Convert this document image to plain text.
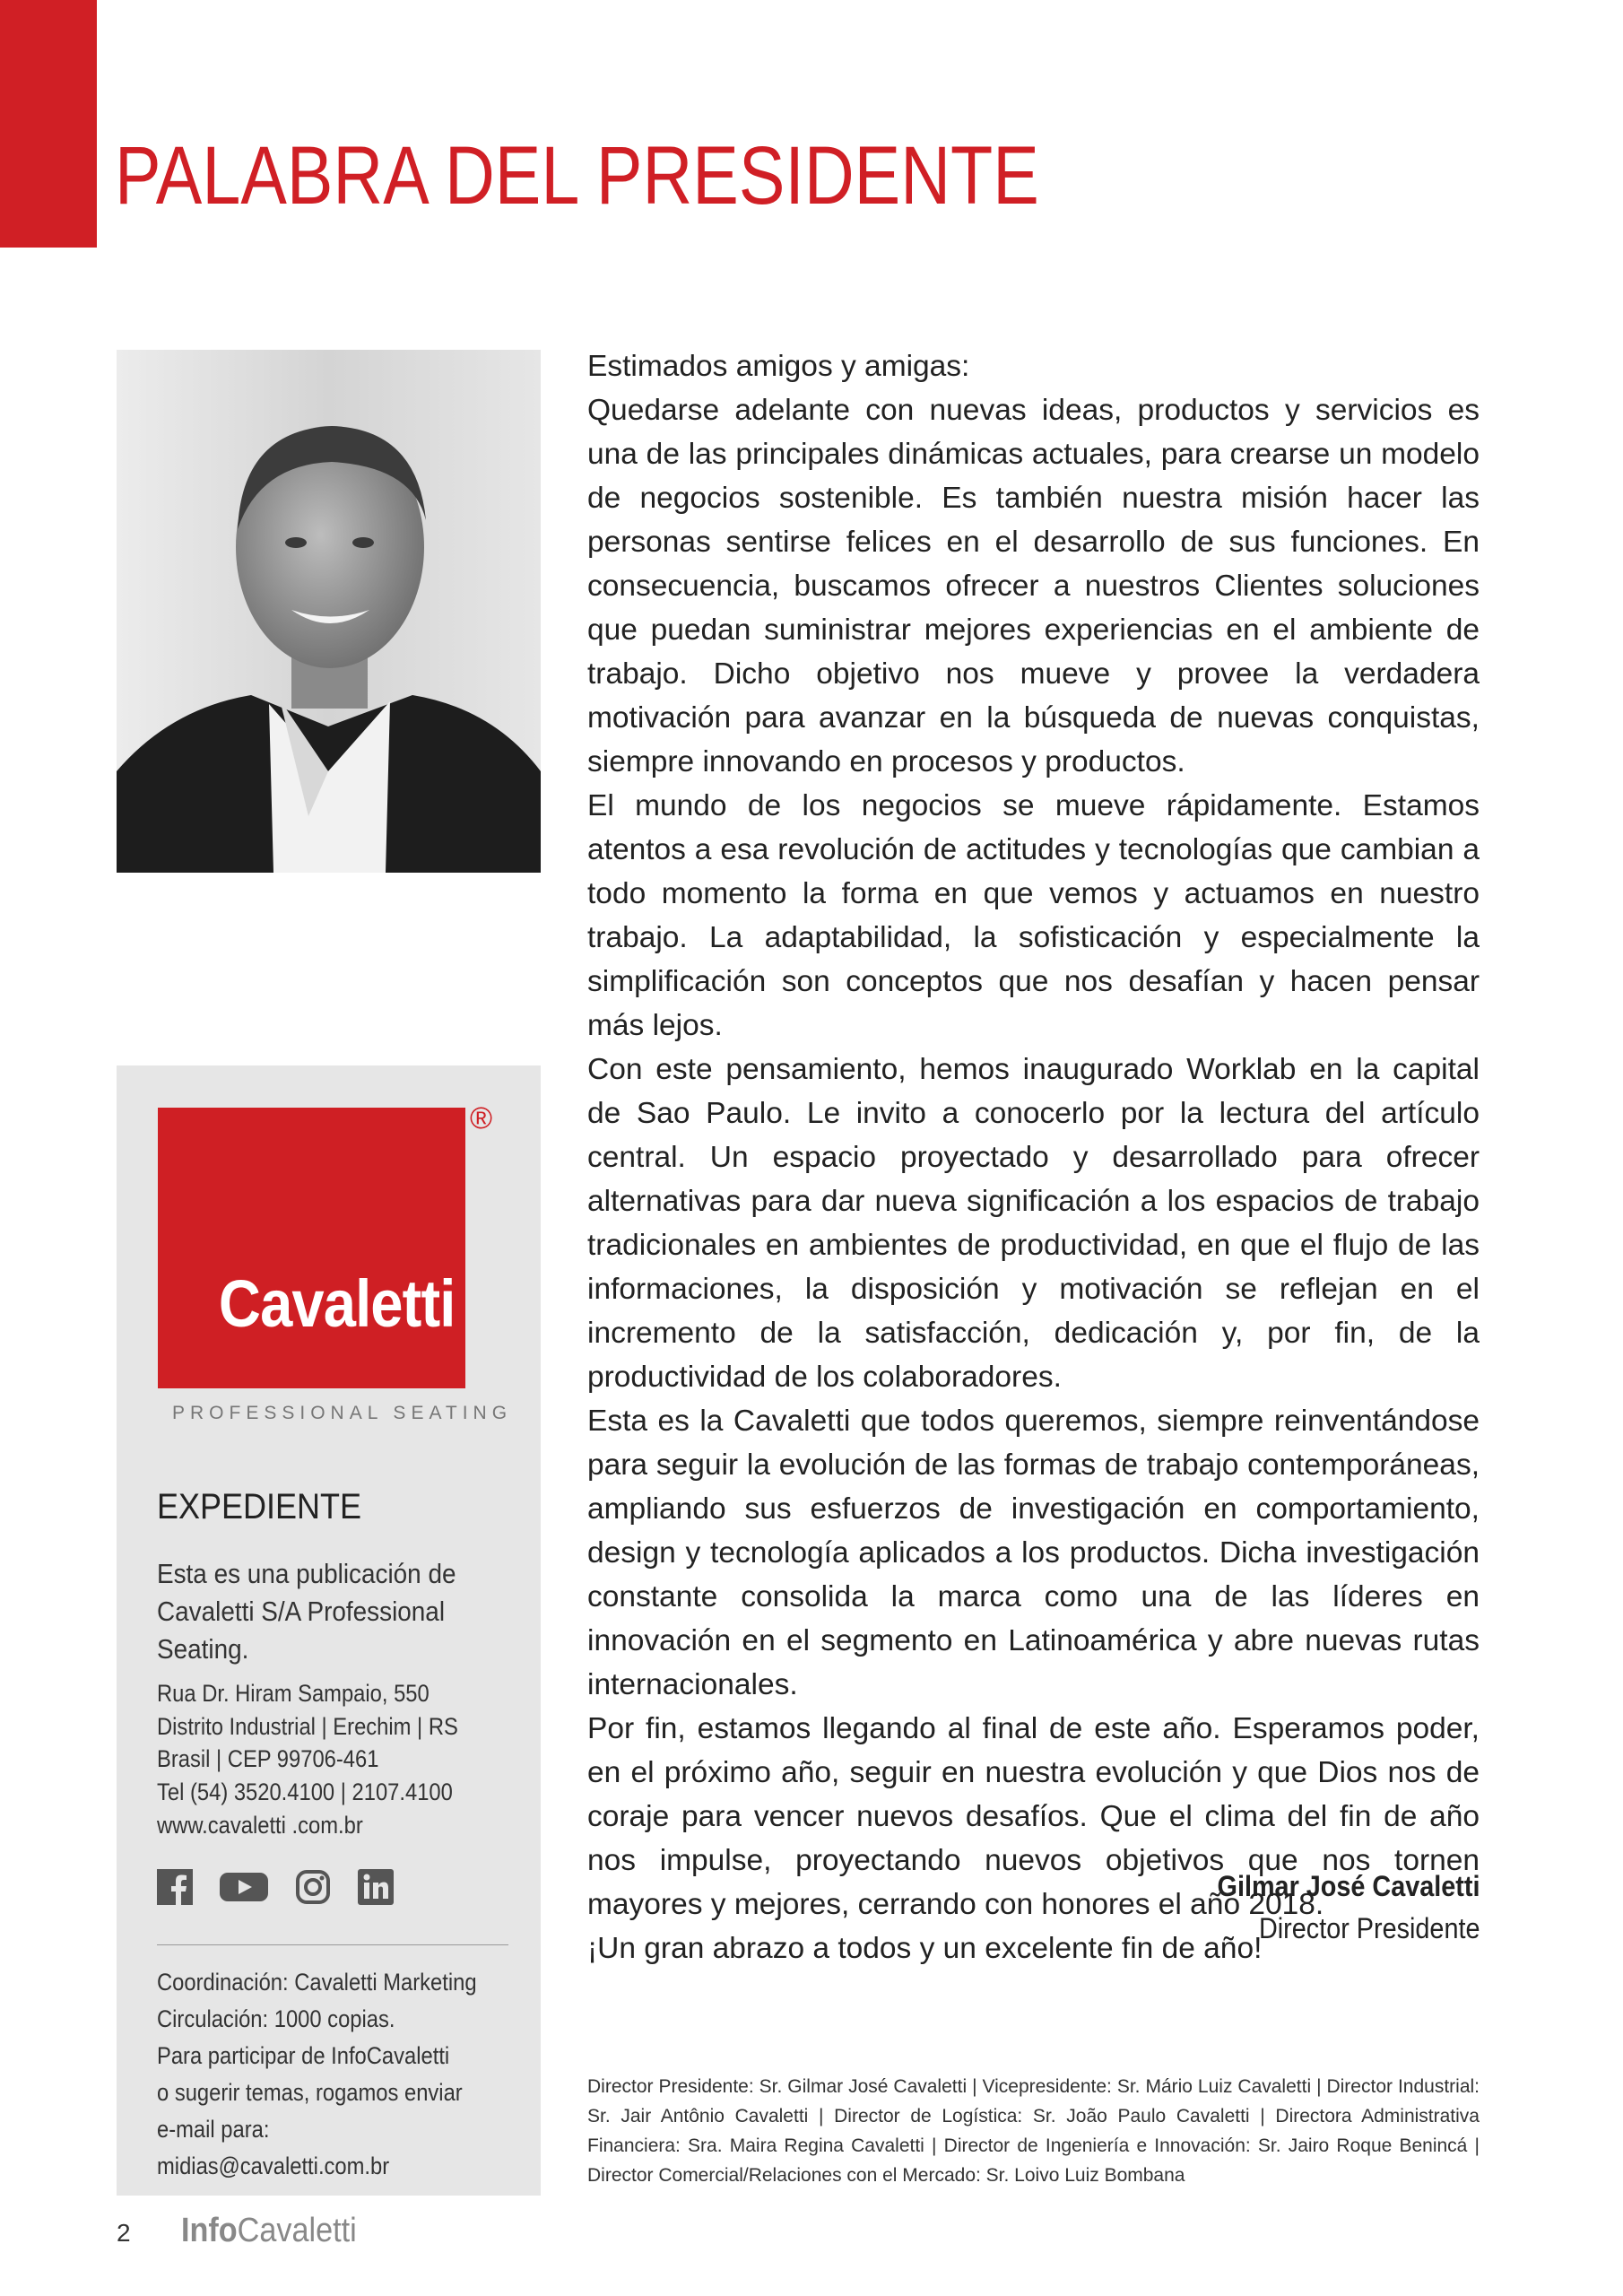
PALABRA DEL PRESIDENTE
Cavaletti
®
PROFESSIONAL SEATING
EXPEDIENTE
Esta es una publicación de
Cavaletti S/A Professional
Seating.
Rua Dr. Hiram Sampaio, 550
Distrito Industrial | Erechim | RS
Brasil | CEP 99706-461
Tel (54) 3520.4100 | 2107.4100
www.cavaletti .com.br
Coordinación: Cavaletti Marketing
Circulación: 1000 copias.
Para participar de InfoCavaletti
o sugerir temas, rogamos enviar
e-mail para:
midias@cavaletti.com.br

Estimados amigos y amigas:

Quedarse adelante con nuevas ideas, productos y servicios es una de las principales dinámicas actuales, para crearse un modelo de negocios sostenible. Es también nuestra misión hacer las personas sentirse felices en el desarrollo de sus funciones. En consecuencia, buscamos ofrecer a nuestros Clientes soluciones que puedan suministrar mejores experiencias en el ambiente de trabajo. Dicho objetivo nos mueve y provee la verdadera motivación para avanzar en la búsqueda de nuevas conquistas, siempre innovando en procesos y productos.

El mundo de los negocios se mueve rápidamente. Estamos atentos a esa revolución de actitudes y tecnologías que cambian a todo momento la forma en que vemos y actuamos en nuestro trabajo. La adaptabilidad, la sofisticación y especialmente la simplificación son conceptos que nos desafían y hacen pensar más lejos.

Con este pensamiento, hemos inaugurado Worklab en la capital de Sao Paulo. Le invito a conocerlo por la lectura del artículo central. Un espacio proyectado y desarrollado para ofrecer alternativas para dar nueva significación a los espacios de trabajo tradicionales en ambientes de productividad, en que el flujo de las informaciones, la disposición y motivación se reflejan en el incremento de la satisfacción, dedicación y, por fin, de la productividad de los colaboradores.

Esta es la Cavaletti que todos queremos, siempre reinventándose para seguir la evolución de las formas de trabajo contemporáneas, ampliando sus esfuerzos de investigación en comportamiento, design y tecnología aplicados a los productos. Dicha investigación constante consolida la marca como una de las líderes en innovación en el segmento en Latinoamérica y abre nuevas rutas internacionales.

Por fin, estamos llegando al final de este año. Esperamos poder, en el próximo año, seguir en nuestra evolución y que Dios nos de coraje para vencer nuevos desafíos. Que el clima del fin de año nos impulse, proyectando nuevos objetivos que nos tornen mayores y mejores, cerrando con honores el año 2018.

¡Un gran abrazo a todos y un excelente fin de año!

Gilmar José Cavaletti
Director Presidente
Director Presidente: Sr. Gilmar José Cavaletti | Vicepresidente: Sr. Mário Luiz Cavaletti | Director Industrial: Sr. Jair Antônio Cavaletti | Director de Logística: Sr. João Paulo Cavaletti | Directora Administrativa Financiera: Sra. Maira Regina Cavaletti | Director de Ingeniería e Innovación: Sr. Jairo Roque Benincá | Director Comercial/Relaciones con el Mercado: Sr. Loivo Luiz Bombana
2 InfoCavaletti
